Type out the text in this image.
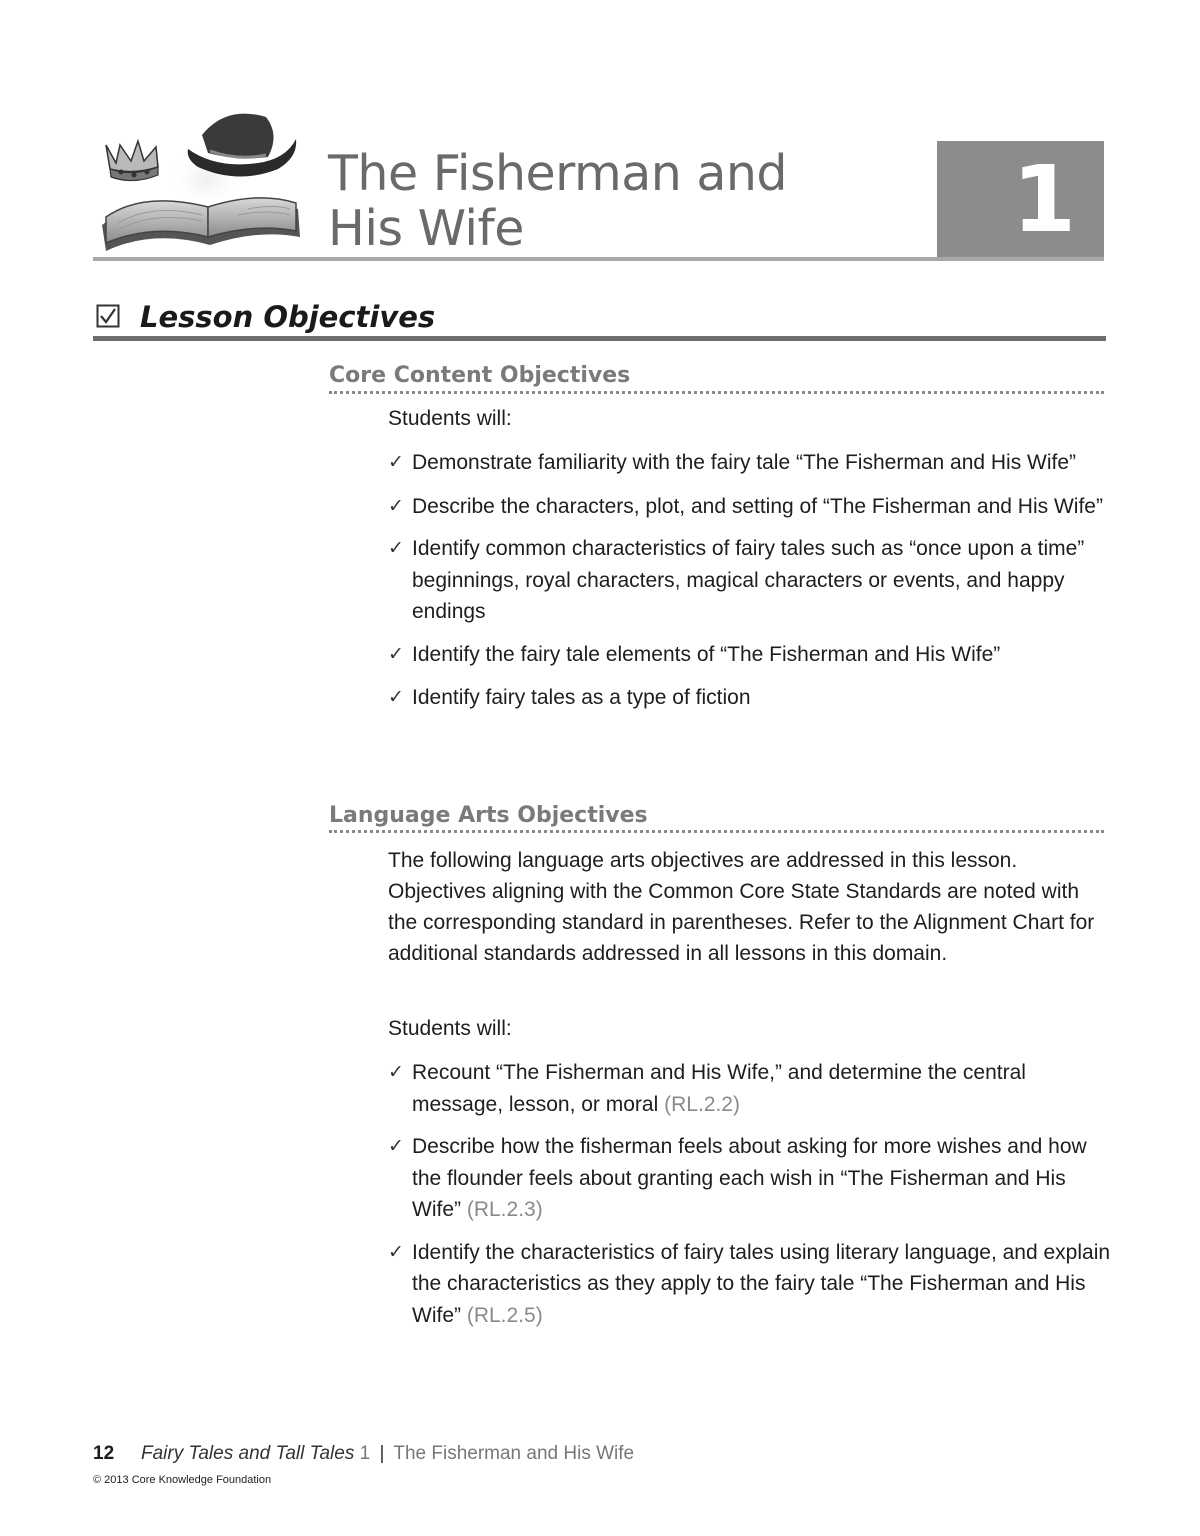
The Fisherman and
His Wife	1
Lesson Objectives
Core Content Objectives

Students will:

✓ Demonstrate familiarity with the fairy tale “The Fisherman and His Wife”
✓ Describe the characters, plot, and setting of “The Fisherman and His Wife”
✓ Identify common characteristics of fairy tales such as “once upon a time” beginnings, royal characters, magical characters or events, and happy endings
✓ Identify the fairy tale elements of “The Fisherman and His Wife”
✓ Identify fairy tales as a type of fiction
Language Arts Objectives

The following language arts objectives are addressed in this lesson. Objectives aligning with the Common Core State Standards are noted with the corresponding standard in parentheses. Refer to the Alignment Chart for additional standards addressed in all lessons in this domain.

Students will:

✓ Recount “The Fisherman and His Wife,” and determine the central message, lesson, or moral (RL.2.2)
✓ Describe how the fisherman feels about asking for more wishes and how the flounder feels about granting each wish in “The Fisherman and His Wife” (RL.2.3)
✓ Identify the characteristics of fairy tales using literary language, and explain the characteristics as they apply to the fairy tale “The Fisherman and His Wife” (RL.2.5)
12 Fairy Tales and Tall Tales 1 | The Fisherman and His Wife
© 2013 Core Knowledge Foundation
